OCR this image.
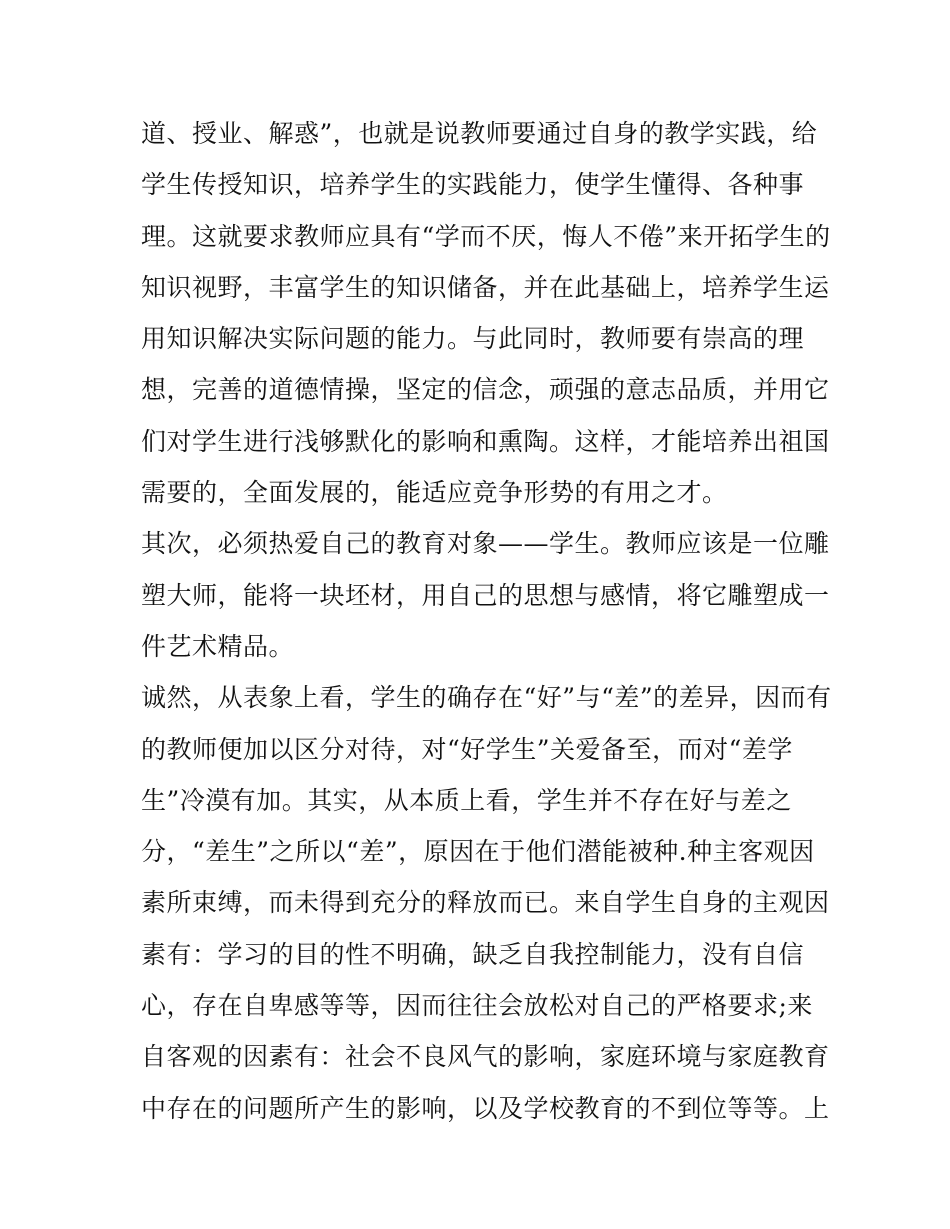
道、授业、解惑”，也就是说教师要通过自身的教学实践，给
学生传授知识，培养学生的实践能力，使学生懂得、各种事
理。这就要求教师应具有“学而不厌，悔人不倦”来开拓学生的
知识视野，丰富学生的知识储备，并在此基础上，培养学生运
用知识解决实际问题的能力。与此同时，教师要有崇高的理
想，完善的道德情操，坚定的信念，顽强的意志品质，并用它
们对学生进行浅够默化的影响和熏陶。这样，才能培养出祖国
需要的，全面发展的，能适应竞争形势的有用之才。
其次，必须热爱自己的教育对象——学生。教师应该是一位雕
塑大师，能将一块坯材，用自己的思想与感情，将它雕塑成一
件艺术精品。
诚然，从表象上看，学生的确存在“好”与“差”的差异，因而有
的教师便加以区分对待，对“好学生”关爱备至，而对“差学
生”冷漠有加。其实，从本质上看，学生并不存在好与差之
分，“差生”之所以“差”，原因在于他们潜能被种.种主客观因
素所束缚，而未得到充分的释放而已。来自学生自身的主观因
素有：学习的目的性不明确，缺乏自我控制能力，没有自信
心，存在自卑感等等，因而往往会放松对自己的严格要求;来
自客观的因素有：社会不良风气的影响，家庭环境与家庭教育
中存在的问题所产生的影响，以及学校教育的不到位等等。上
